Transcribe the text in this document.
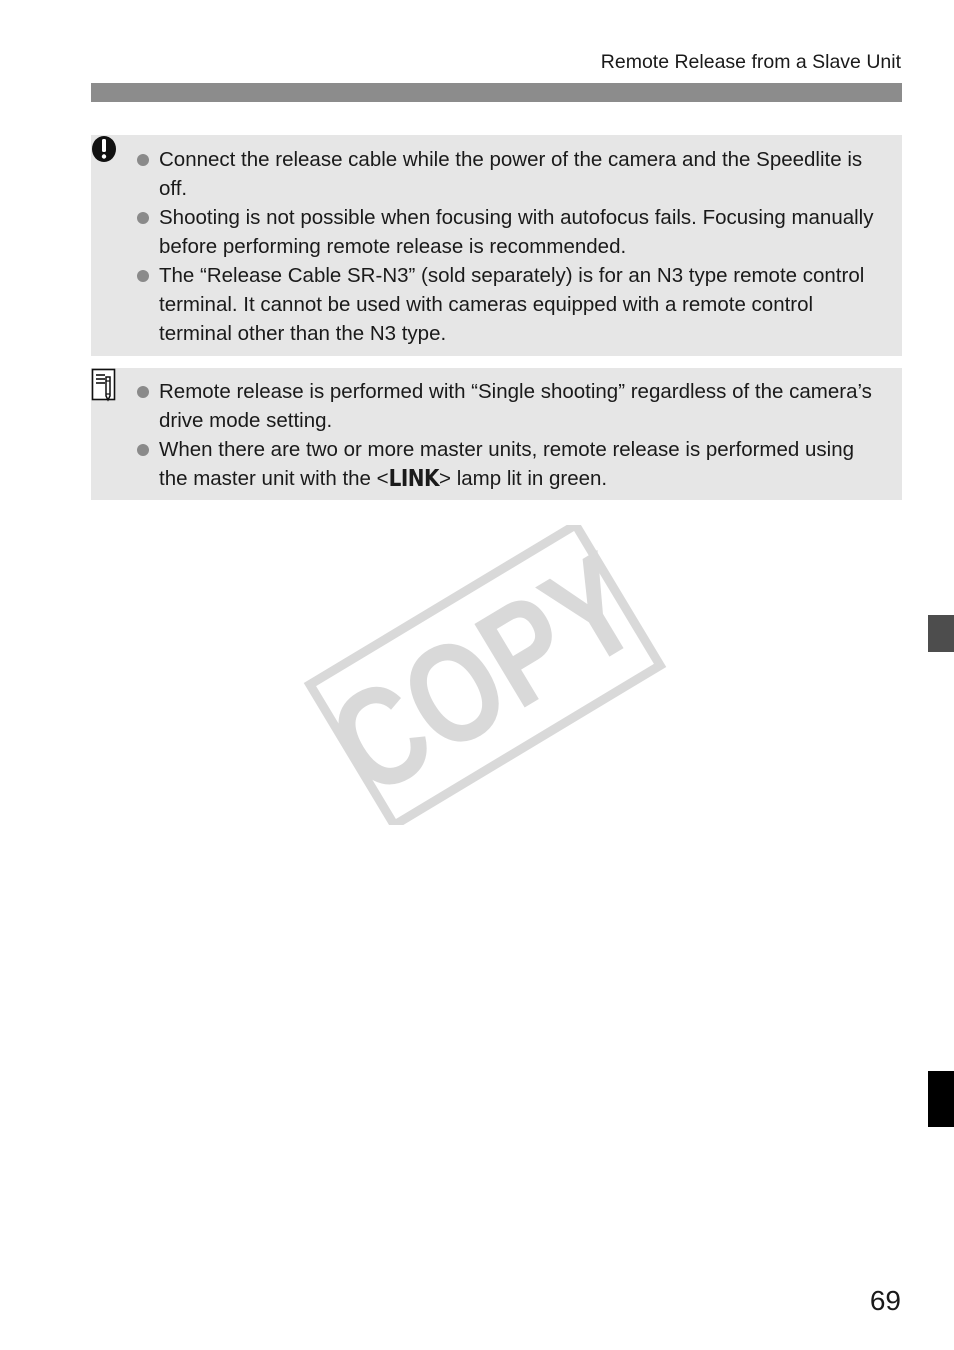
Remote Release from a Slave Unit
Connect the release cable while the power of the camera and the Speedlite is off.
Shooting is not possible when focusing with autofocus fails. Focusing manually before performing remote release is recommended.
The “Release Cable SR-N3” (sold separately) is for an N3 type remote control terminal. It cannot be used with cameras equipped with a remote control terminal other than the N3 type.
Remote release is performed with “Single shooting” regardless of the camera’s drive mode setting.
When there are two or more master units, remote release is performed using the master unit with the <LINK> lamp lit in green.
COPY
69
